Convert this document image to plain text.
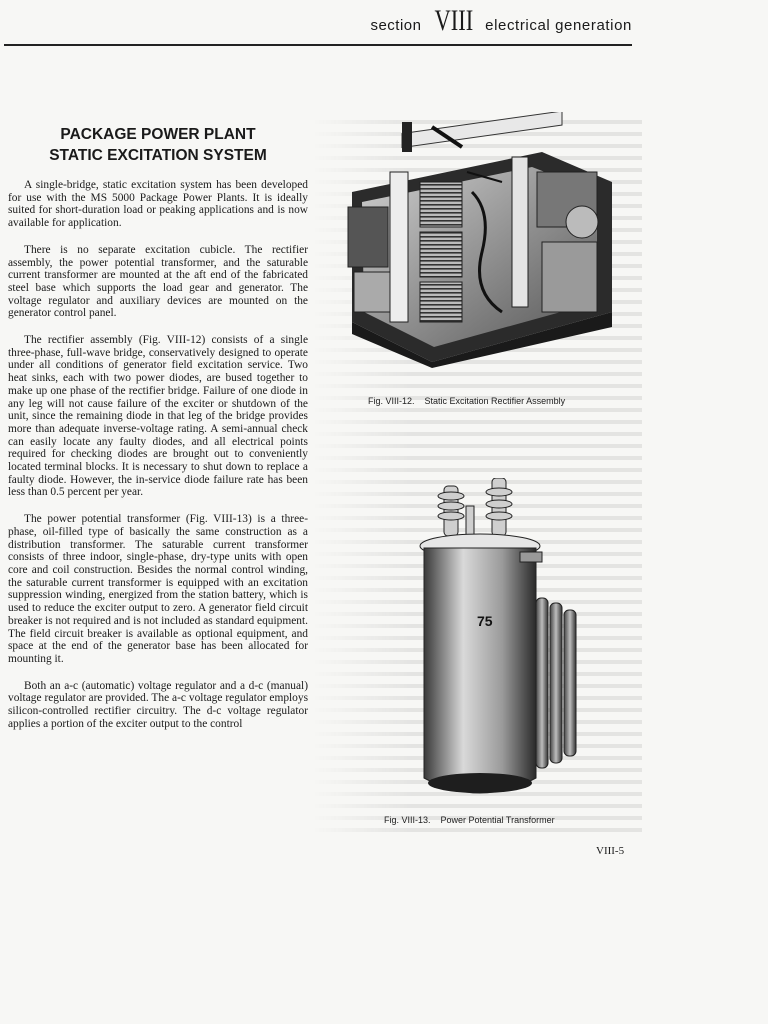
section VIII electrical generation
PACKAGE POWER PLANT
STATIC EXCITATION SYSTEM

A single-bridge, static excitation system has been developed for use with the MS 5000 Package Power Plants. It is ideally suited for short-duration load or peaking applications and is now available for application.

There is no separate excitation cubicle. The rectifier assembly, the power potential transformer, and the saturable current transformer are mounted at the aft end of the fabricated steel base which supports the load gear and generator. The voltage regulator and auxiliary devices are mounted on the generator control panel.

The rectifier assembly (Fig. VIII-12) consists of a single three-phase, full-wave bridge, conservatively designed to operate under all conditions of generator field excitation service. Two heat sinks, each with two power diodes, are bused together to make up one phase of the rectifier bridge. Failure of one diode in any leg will not cause failure of the exciter or shutdown of the unit, since the remaining diode in that leg of the bridge provides more than adequate inverse-voltage rating. A semi-annual check can easily locate any faulty diodes, and all electrical points required for checking diodes are brought out to conveniently located terminal blocks. It is necessary to shut down to replace a faulty diode. However, the in-service diode failure rate has been less than 0.5 percent per year.

The power potential transformer (Fig. VIII-13) is a three-phase, oil-filled type of basically the same construction as a distribution transformer. The saturable current transformer consists of three indoor, single-phase, dry-type units with open core and coil construction. Besides the normal control winding, the saturable current transformer is equipped with an excitation suppression winding, energized from the station battery, which is used to reduce the exciter output to zero. A generator field circuit breaker is not required and is not included as standard equipment. The field circuit breaker is available as optional equipment, and space at the end of the generator base has been allocated for mounting it.

Both an a-c (automatic) voltage regulator and a d-c (manual) voltage regulator are provided. The a-c voltage regulator employs silicon-controlled rectifier circuitry. The d-c voltage regulator applies a portion of the exciter output to the control

Fig. VIII-12. Static Excitation Rectifier Assembly
75
Fig. VIII-13. Power Potential Transformer
VIII-5
